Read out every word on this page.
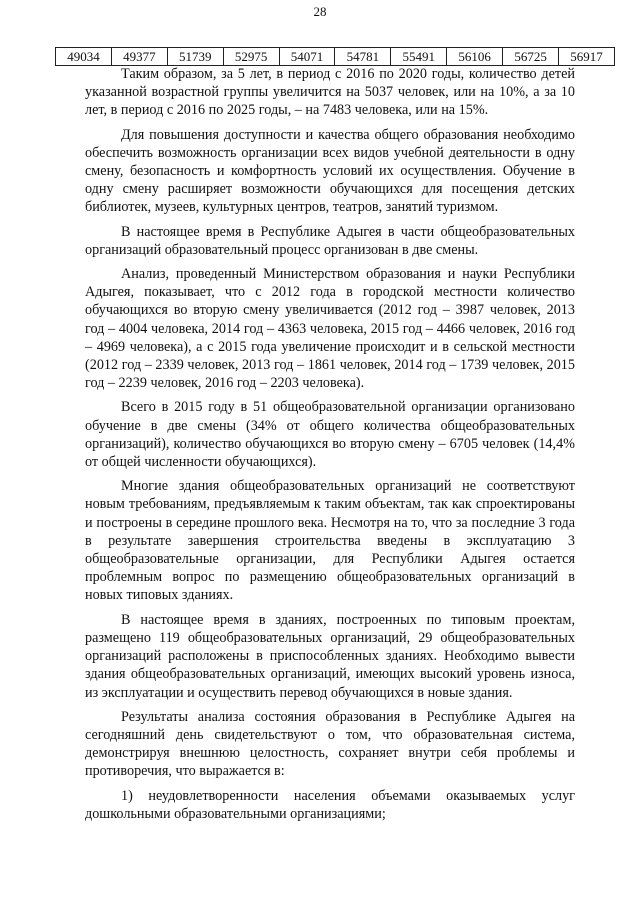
28
49034	49377	51739	52975	54071	54781	55491	56106	56725	56917

Таким образом, за 5 лет, в период с 2016 по 2020 годы, количество детей указанной возрастной группы увеличится на 5037 человек, или на 10%, а за 10 лет, в период с 2016 по 2025 годы, – на 7483 человека, или на 15%.

Для повышения доступности и качества общего образования необходимо обеспечить возможность организации всех видов учебной деятельности в одну смену, безопасность и комфортность условий их осуществления. Обучение в одну смену расширяет возможности обучающихся для посещения детских библиотек, музеев, культурных центров, театров, занятий туризмом.

В настоящее время в Республике Адыгея в части общеобразовательных организаций образовательный процесс организован в две смены.

Анализ, проведенный Министерством образования и науки Республики Адыгея, показывает, что с 2012 года в городской местности количество обучающихся во вторую смену увеличивается (2012 год – 3987 человек, 2013 год – 4004 человека, 2014 год – 4363 человека, 2015 год – 4466 человек, 2016 год – 4969 человека), а с 2015 года увеличение происходит и в сельской местности (2012 год – 2339 человек, 2013 год – 1861 человек, 2014 год – 1739 человек, 2015 год – 2239 человек, 2016 год – 2203 человека).

Всего в 2015 году в 51 общеобразовательной организации организовано обучение в две смены (34% от общего количества общеобразовательных организаций), количество обучающихся во вторую смену – 6705 человек (14,4% от общей численности обучающихся).

Многие здания общеобразовательных организаций не соответствуют новым требованиям, предъявляемым к таким объектам, так как спроектированы и построены в середине прошлого века. Несмотря на то, что за последние 3 года в результате завершения строительства введены в эксплуатацию 3 общеобразовательные организации, для Республики Адыгея остается проблемным вопрос по размещению общеобразовательных организаций в новых типовых зданиях.

В настоящее время в зданиях, построенных по типовым проектам, размещено 119 общеобразовательных организаций, 29 общеобразовательных организаций расположены в приспособленных зданиях. Необходимо вывести здания общеобразовательных организаций, имеющих высокий уровень износа, из эксплуатации и осуществить перевод обучающихся в новые здания.

Результаты анализа состояния образования в Республике Адыгея на сегодняшний день свидетельствуют о том, что образовательная система, демонстрируя внешнюю целостность, сохраняет внутри себя проблемы и противоречия, что выражается в:

1) неудовлетворенности населения объемами оказываемых услуг дошкольными образовательными организациями;
